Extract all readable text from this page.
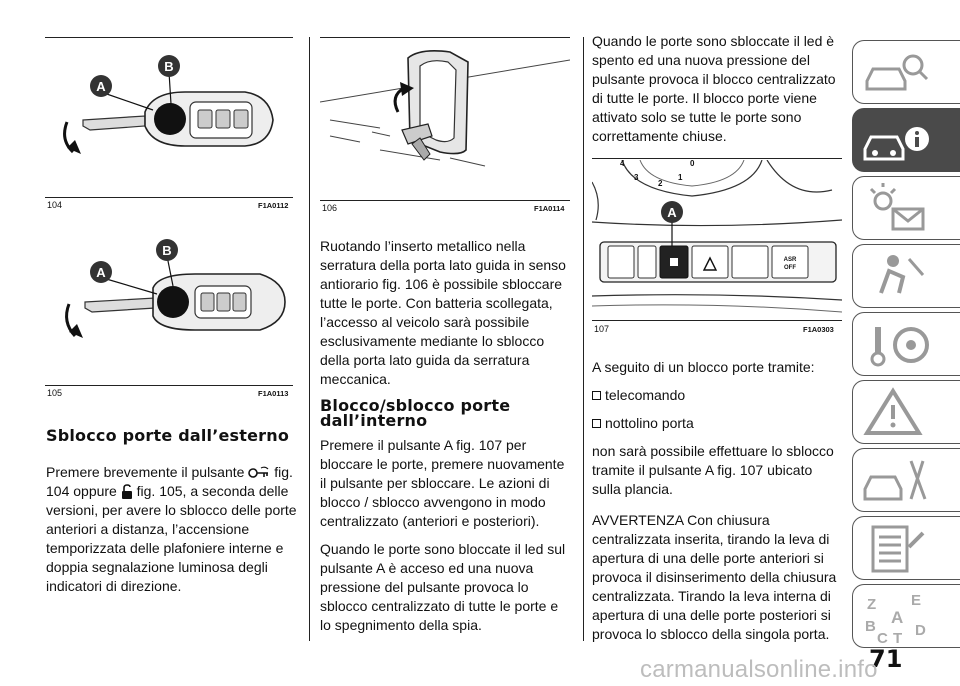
A
B
104	F1A0112
A
B
105	F1A0113
Sblocco porte dall’esterno

Premere brevemente il pulsante fig. 104 oppure fig. 105, a seconda delle versioni, per avere lo sblocco delle porte anteriori a distanza, l’accensione temporizzata delle plafoniere interne e doppia segnalazione luminosa degli indicatori di direzione.

106	F1A0114

Ruotando l’inserto metallico nella serratura della porta lato guida in senso antiorario fig. 106 è possibile sbloccare tutte le porte. Con batteria scollegata, l’accesso al veicolo sarà possibile esclusivamente mediante lo sblocco della porta lato guida da serratura meccanica.

Blocco/sblocco porte dall’interno

Premere il pulsante A fig. 107 per bloccare le porte, premere nuovamente il pulsante per sbloccare. Le azioni di blocco / sblocco avvengono in modo centralizzato (anteriori e posteriori).

Quando le porte sono bloccate il led sul pulsante A è acceso ed una nuova pressione del pulsante provoca lo sblocco centralizzato di tutte le porte e lo spegnimento della spia.

Quando le porte sono sbloccate il led è spento ed una nuova pressione del pulsante provoca il blocco centralizzato di tutte le porte. Il blocco porte viene attivato solo se tutte le porte sono correttamente chiuse.

4
3
2
1
0
ASR
OFF
A
107	F1A0303

A seguito di un blocco porte tramite:

telecomando
nottolino porta

non sarà possibile effettuare lo sblocco tramite il pulsante A fig. 107 ubicato sulla plancia.

AVVERTENZA Con chiusura centralizzata inserita, tirando la leva di apertura di una delle porte anteriori si provoca il disinserimento della chiusura centralizzata. Tirando la leva interna di apertura di una delle porte posteriori si provoca lo sblocco della singola porta.

Z E
A
B
C D
T
71
carmanualsonline.info
